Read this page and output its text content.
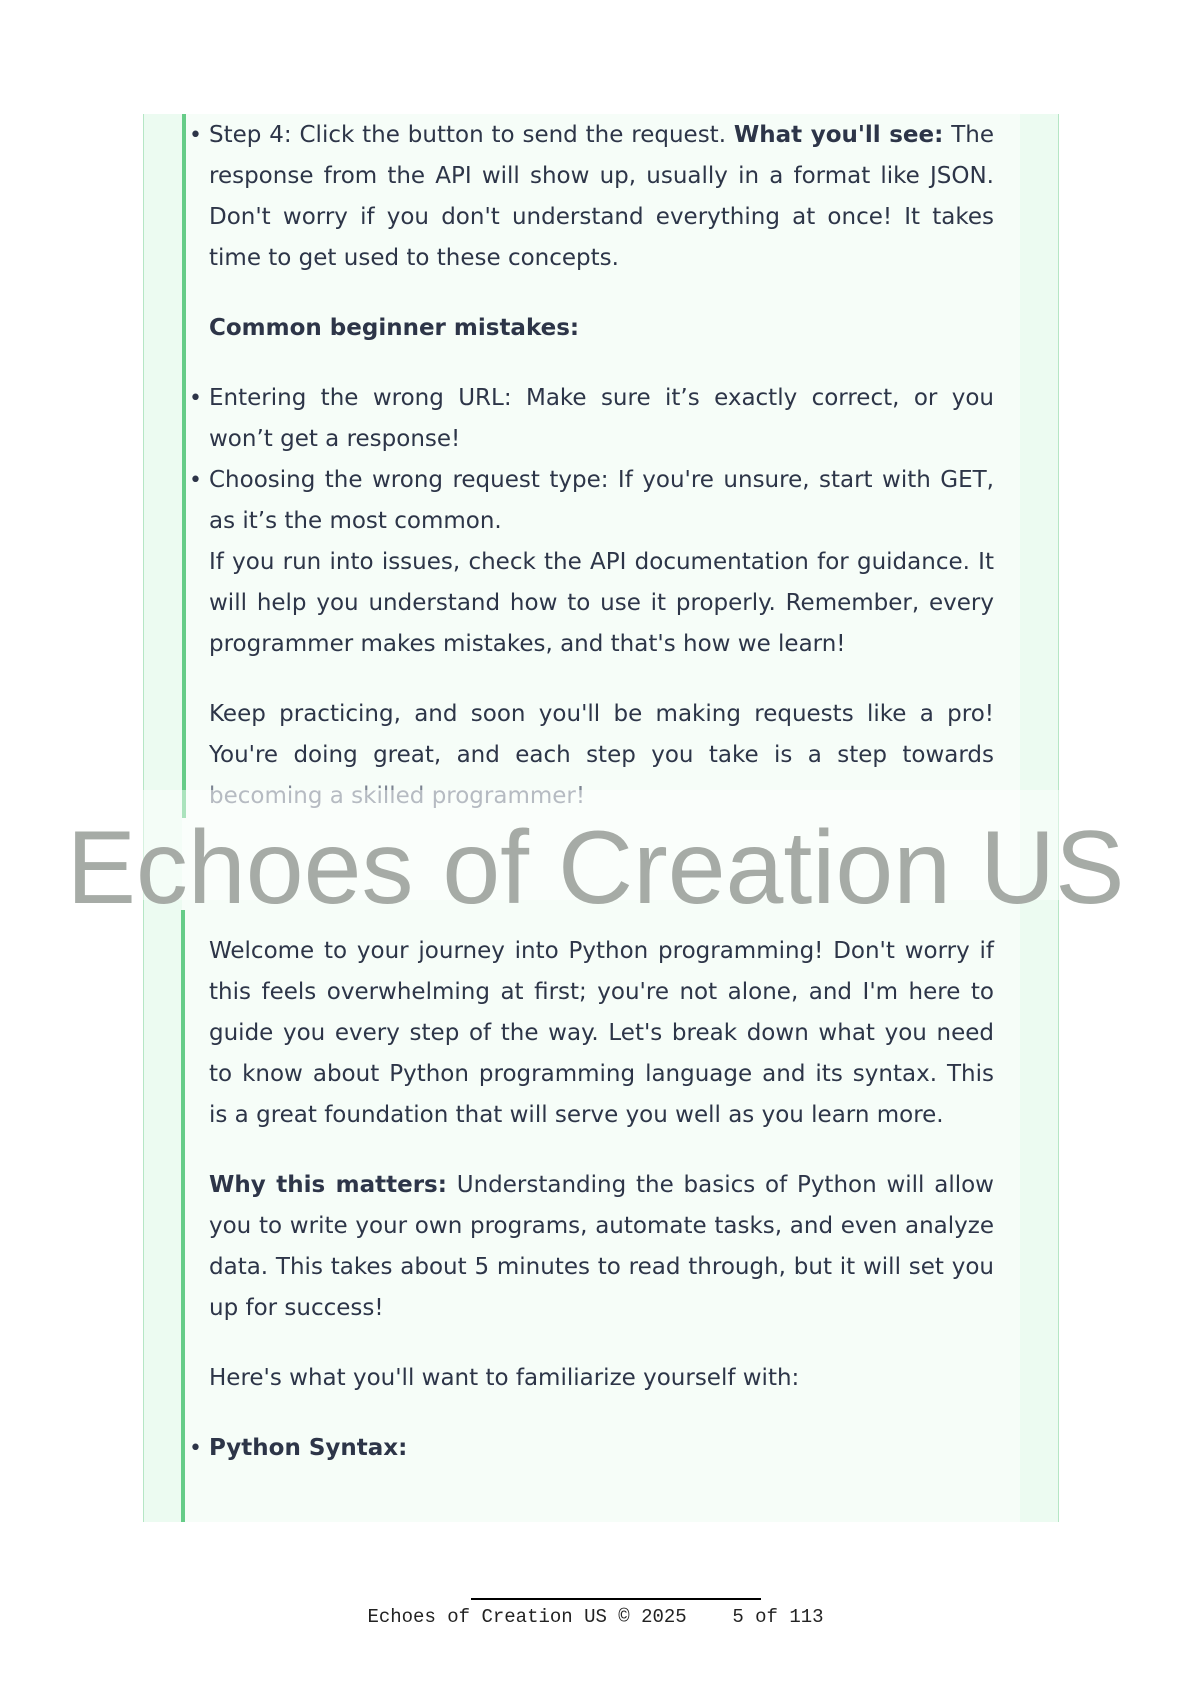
• Step 4: Click the button to send the request. What you'll see: The response from the API will show up, usually in a format like JSON. Don't worry if you don't understand everything at once! It takes time to get used to these concepts.

Common beginner mistakes:

• Entering the wrong URL: Make sure it’s exactly correct, or you won’t get a response!
• Choosing the wrong request type: If you're unsure, start with GET, as it’s the most common.

If you run into issues, check the API documentation for guidance. It will help you understand how to use it properly. Remember, every programmer makes mistakes, and that's how we learn!

Keep practicing, and soon you'll be making requests like a pro! You're doing great, and each step you take is a step towards becoming a skilled programmer!

Echoes of Creation US

Welcome to your journey into Python programming! Don't worry if this feels overwhelming at first; you're not alone, and I'm here to guide you every step of the way. Let's break down what you need to know about Python programming language and its syntax. This is a great foundation that will serve you well as you learn more.

Why this matters: Understanding the basics of Python will allow you to write your own programs, automate tasks, and even analyze data. This takes about 5 minutes to read through, but it will set you up for success!

Here's what you'll want to familiarize yourself with:

• Python Syntax:
Echoes of Creation US © 2025 5 of 113
